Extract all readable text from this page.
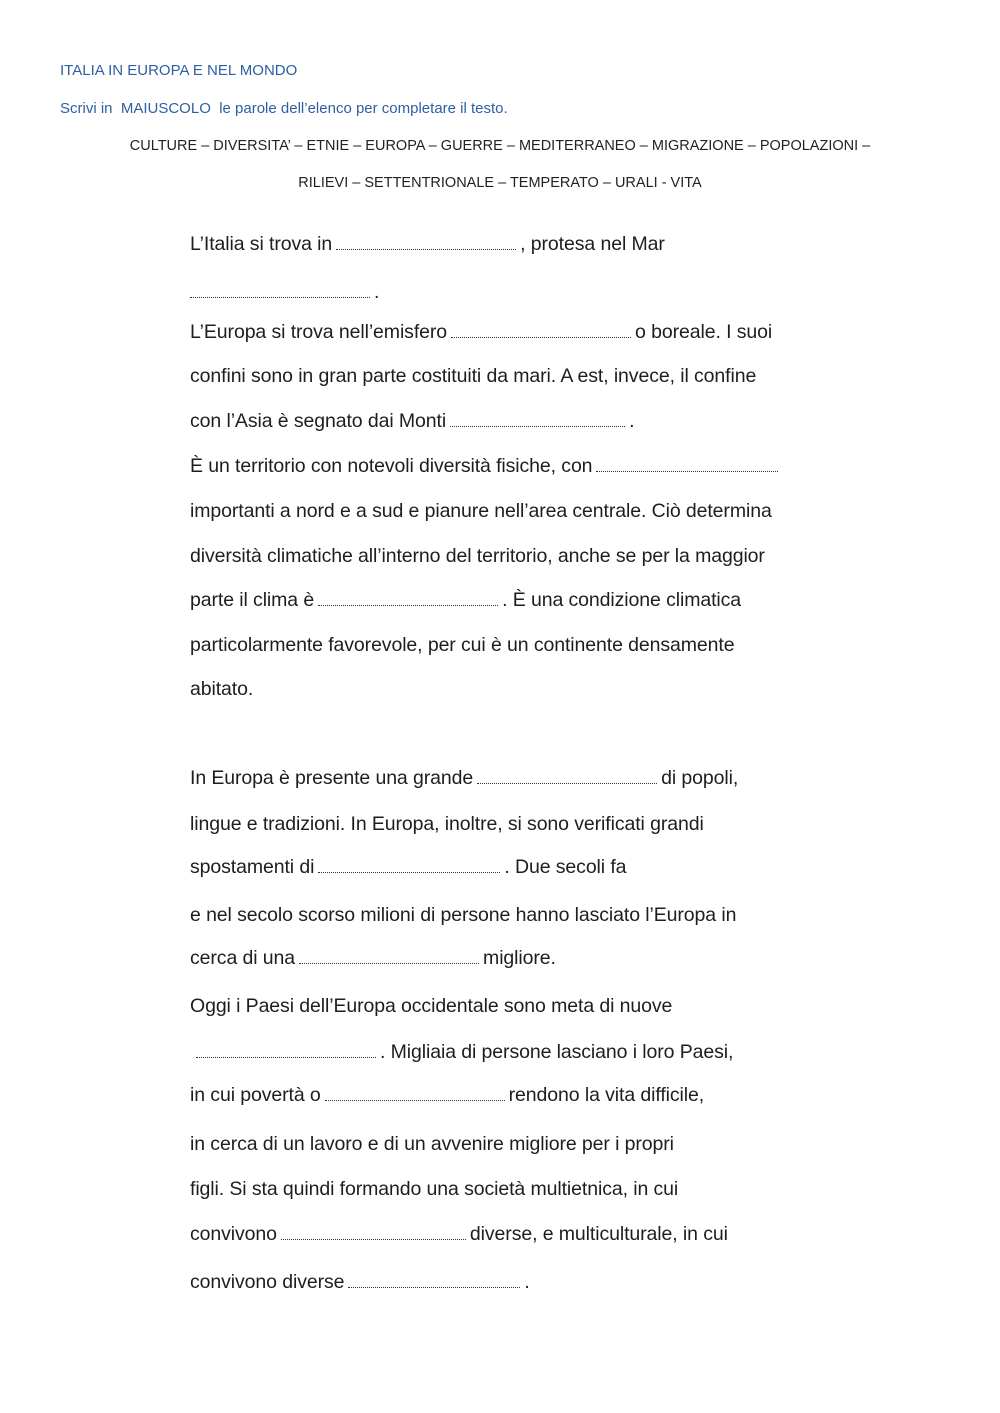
ITALIA IN EUROPA E NEL MONDO
Scrivi in  MAIUSCOLO  le parole dell’elenco per completare il testo.
CULTURE – DIVERSITA’ – ETNIE – EUROPA – GUERRE – MEDITERRANEO – MIGRAZIONE – POPOLAZIONI –
RILIEVI – SETTENTRIONALE – TEMPERATO – URALI - VITA
L’Italia si trova in	, protesa nel Mar
.
L’Europa si trova nell’emisfero	o boreale. I suoi
confini sono in gran parte costituiti da mari. A est, invece, il confine
con l’Asia è segnato dai Monti	.
È un territorio con notevoli diversità fisiche, con
importanti a nord e a sud e pianure nell’area centrale. Ciò determina
diversità climatiche all’interno del territorio, anche se per la maggior
parte il clima è	. È una condizione climatica
particolarmente favorevole, per cui è un continente densamente
abitato.
In Europa è presente una grande	di popoli,
lingue e tradizioni. In Europa, inoltre, si sono verificati grandi
spostamenti di	. Due secoli fa
e nel secolo scorso milioni di persone hanno lasciato l’Europa in
cerca di una	migliore.
Oggi i Paesi dell’Europa occidentale sono meta di nuove
. Migliaia di persone lasciano i loro Paesi,
in cui povertà o	rendono la vita difficile,
in cerca di un lavoro e di un avvenire migliore per i propri
figli. Si sta quindi formando una società multietnica, in cui
convivono	diverse, e multiculturale, in cui
convivono diverse	.
